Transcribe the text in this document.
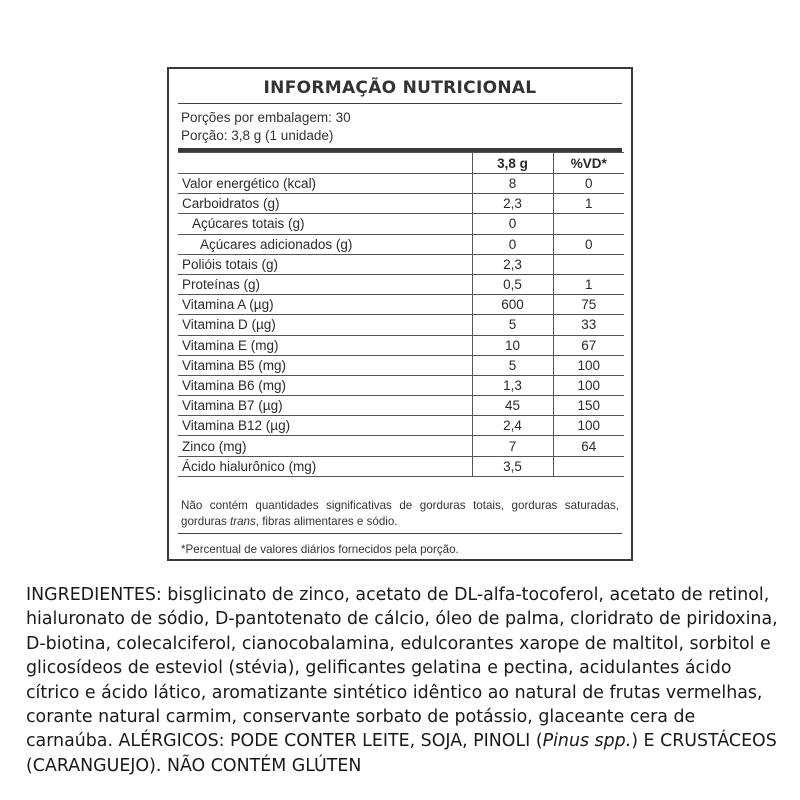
INFORMAÇÃO NUTRICIONAL
Porções por embalagem: 30
Porção: 3,8 g (1 unidade)
	3,8 g	%VD*
Valor energético (kcal)	8	0
Carboidratos (g)	2,3	1
Açúcares totais (g)	0	
Açúcares adicionados (g)	0	0
Polióis totais (g)	2,3	
Proteínas (g)	0,5	1
Vitamina A (µg)	600	75
Vitamina D (µg)	5	33
Vitamina E (mg)	10	67
Vitamina B5 (mg)	5	100
Vitamina B6 (mg)	1,3	100
Vitamina B7 (µg)	45	150
Vitamina B12 (µg)	2,4	100
Zinco (mg)	7	64
Ácido hialurônico (mg)	3,5	
Não contém quantidades significativas de gorduras totais, gorduras saturadas, gorduras trans, fibras alimentares e sódio.
*Percentual de valores diários fornecidos pela porção.
INGREDIENTES: bisglicinato de zinco, acetato de DL-alfa-tocoferol, acetato de retinol, hialuronato de sódio, D-pantotenato de cálcio, óleo de palma, cloridrato de piridoxina, D-biotina, colecalciferol, cianocobalamina, edulcorantes xarope de maltitol, sorbitol e glicosídeos de esteviol (stévia), gelificantes gelatina e pectina, acidulantes ácido cítrico e ácido lático, aromatizante sintético idêntico ao natural de frutas vermelhas, corante natural carmim, conservante sorbato de potássio, glaceante cera de carnaúba. ALÉRGICOS: PODE CONTER LEITE, SOJA, PINOLI (Pinus spp.) E CRUSTÁCEOS (CARANGUEJO). NÃO CONTÉM GLÚTEN
